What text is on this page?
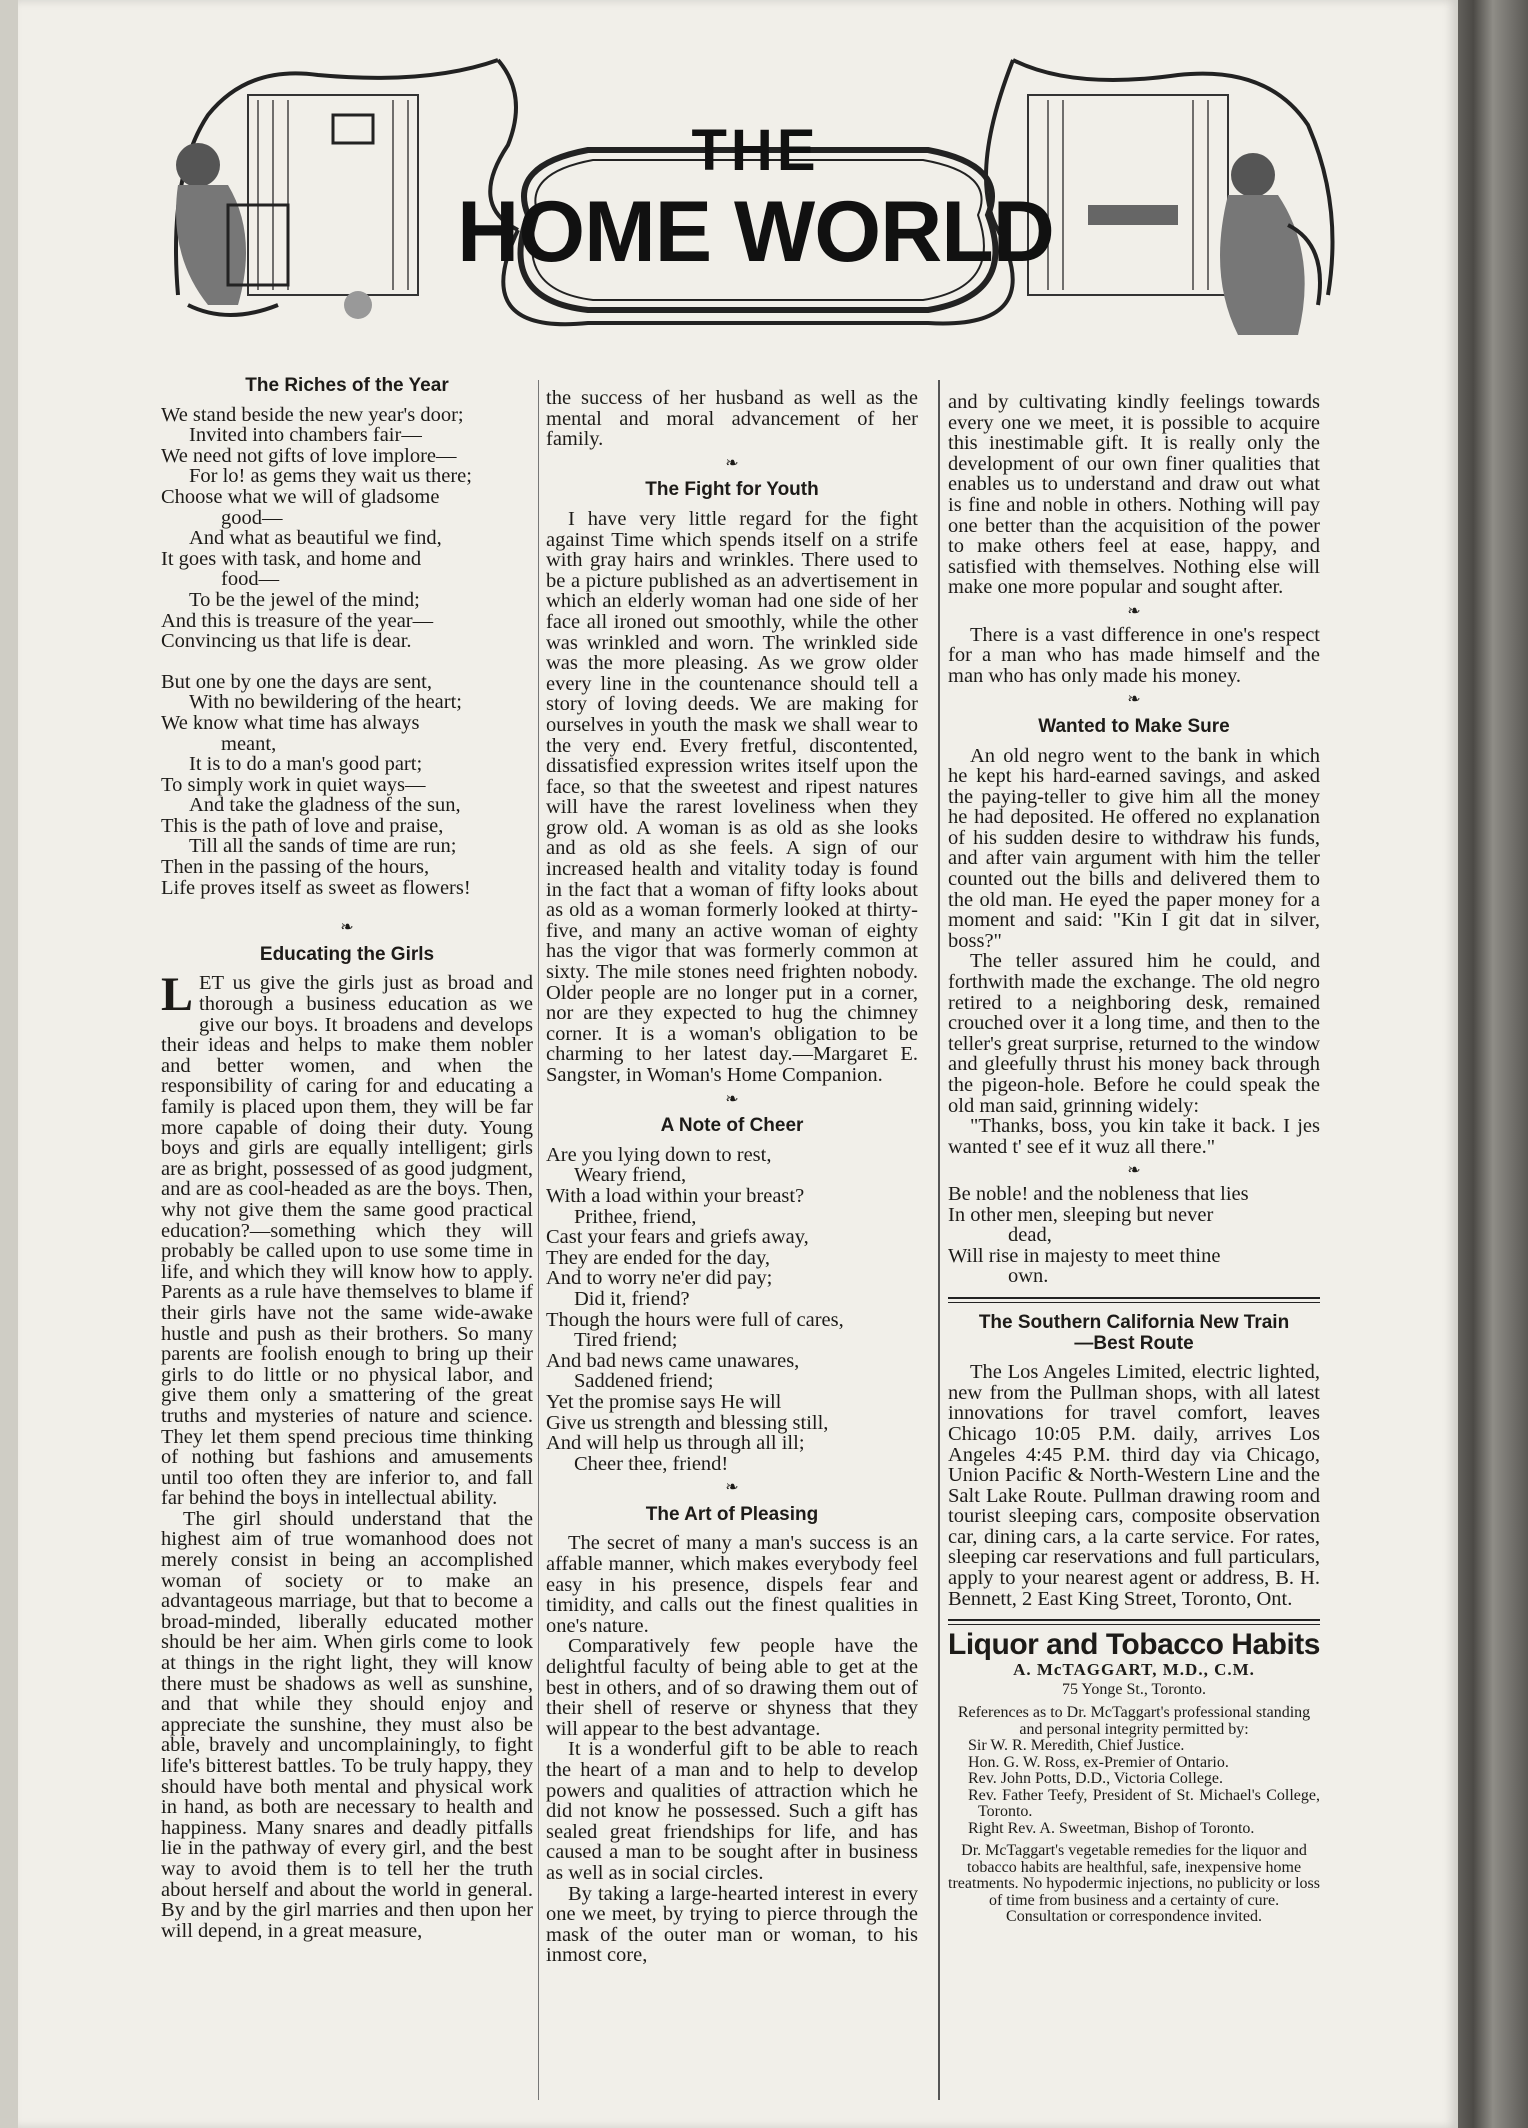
THE
HOME WORLD
The Riches of the Year

We stand beside the new year's door;

Invited into chambers fair—

We need not gifts of love implore—

For lo! as gems they wait us there;

Choose what we will of gladsome

good—

And what as beautiful we find,

It goes with task, and home and

food—

To be the jewel of the mind;

And this is treasure of the year—

Convincing us that life is dear.

But one by one the days are sent,

With no bewildering of the heart;

We know what time has always

meant,

It is to do a man's good part;

To simply work in quiet ways—

And take the gladness of the sun,

This is the path of love and praise,

Till all the sands of time are run;

Then in the passing of the hours,

Life proves itself as sweet as flowers!

❧
Educating the Girls

LET us give the girls just as broad and thorough a business education as we give our boys. It broadens and develops their ideas and helps to make them nobler and better women, and when the responsibility of caring for and educating a family is placed upon them, they will be far more capable of doing their duty. Young boys and girls are equally intelligent; girls are as bright, possessed of as good judgment, and are as cool-headed as are the boys. Then, why not give them the same good practical education?—something which they will probably be called upon to use some time in life, and which they will know how to apply. Parents as a rule have themselves to blame if their girls have not the same wide-awake hustle and push as their brothers. So many parents are foolish enough to bring up their girls to do little or no physical labor, and give them only a smattering of the great truths and mysteries of nature and science. They let them spend precious time thinking of nothing but fashions and amusements until too often they are inferior to, and fall far behind the boys in intellectual ability.

The girl should understand that the highest aim of true womanhood does not merely consist in being an accomplished woman of society or to make an advantageous marriage, but that to become a broad-minded, liberally educated mother should be her aim. When girls come to look at things in the right light, they will know there must be shadows as well as sunshine, and that while they should enjoy and appreciate the sunshine, they must also be able, bravely and uncomplainingly, to fight life's bitterest battles. To be truly happy, they should have both mental and physical work in hand, as both are necessary to health and happiness. Many snares and deadly pitfalls lie in the pathway of every girl, and the best way to avoid them is to tell her the truth about herself and about the world in general. By and by the girl marries and then upon her will depend, in a great measure,

the success of her husband as well as the mental and moral advancement of her family.

❧
The Fight for Youth

I have very little regard for the fight against Time which spends itself on a strife with gray hairs and wrinkles. There used to be a picture published as an advertisement in which an elderly woman had one side of her face all ironed out smoothly, while the other was wrinkled and worn. The wrinkled side was the more pleasing. As we grow older every line in the countenance should tell a story of loving deeds. We are making for ourselves in youth the mask we shall wear to the very end. Every fretful, discontented, dissatisfied expression writes itself upon the face, so that the sweetest and ripest natures will have the rarest loveliness when they grow old. A woman is as old as she looks and as old as she feels. A sign of our increased health and vitality today is found in the fact that a woman of fifty looks about as old as a woman formerly looked at thirty-five, and many an active woman of eighty has the vigor that was formerly common at sixty. The mile stones need frighten nobody. Older people are no longer put in a corner, nor are they expected to hug the chimney corner. It is a woman's obligation to be charming to her latest day.—Margaret E. Sangster, in Woman's Home Companion.

❧
A Note of Cheer

Are you lying down to rest,

Weary friend,

With a load within your breast?

Prithee, friend,

Cast your fears and griefs away,

They are ended for the day,

And to worry ne'er did pay;

Did it, friend?

Though the hours were full of cares,

Tired friend;

And bad news came unawares,

Saddened friend;

Yet the promise says He will

Give us strength and blessing still,

And will help us through all ill;

Cheer thee, friend!

❧
The Art of Pleasing

The secret of many a man's success is an affable manner, which makes everybody feel easy in his presence, dispels fear and timidity, and calls out the finest qualities in one's nature.

Comparatively few people have the delightful faculty of being able to get at the best in others, and of so drawing them out of their shell of reserve or shyness that they will appear to the best advantage.

It is a wonderful gift to be able to reach the heart of a man and to help to develop powers and qualities of attraction which he did not know he possessed. Such a gift has sealed great friendships for life, and has caused a man to be sought after in business as well as in social circles.

By taking a large-hearted interest in every one we meet, by trying to pierce through the mask of the outer man or woman, to his inmost core,

and by cultivating kindly feelings towards every one we meet, it is possible to acquire this inestimable gift. It is really only the development of our own finer qualities that enables us to understand and draw out what is fine and noble in others. Nothing will pay one better than the acquisition of the power to make others feel at ease, happy, and satisfied with themselves. Nothing else will make one more popular and sought after.

❧

There is a vast difference in one's respect for a man who has made himself and the man who has only made his money.

❧
Wanted to Make Sure

An old negro went to the bank in which he kept his hard-earned savings, and asked the paying-teller to give him all the money he had deposited. He offered no explanation of his sudden desire to withdraw his funds, and after vain argument with him the teller counted out the bills and delivered them to the old man. He eyed the paper money for a moment and said: "Kin I git dat in silver, boss?"

The teller assured him he could, and forthwith made the exchange. The old negro retired to a neighboring desk, remained crouched over it a long time, and then to the teller's great surprise, returned to the window and gleefully thrust his money back through the pigeon-hole. Before he could speak the old man said, grinning widely:

"Thanks, boss, you kin take it back. I jes wanted t' see ef it wuz all there."

❧

Be noble! and the nobleness that lies

In other men, sleeping but never

dead,

Will rise in majesty to meet thine

own.

The Southern California New Train
—Best Route

The Los Angeles Limited, electric lighted, new from the Pullman shops, with all latest innovations for travel comfort, leaves Chicago 10:05 P.M. daily, arrives Los Angeles 4:45 P.M. third day via Chicago, Union Pacific & North-Western Line and the Salt Lake Route. Pullman drawing room and tourist sleeping cars, composite observation car, dining cars, a la carte service. For rates, sleeping car reservations and full particulars, apply to your nearest agent or address, B. H. Bennett, 2 East King Street, Toronto, Ont.

Liquor and Tobacco Habits
A. McTAGGART, M.D., C.M.
75 Yonge St., Toronto.
References as to Dr. McTaggart's professional standing and personal integrity permitted by:
Sir W. R. Meredith, Chief Justice.
Hon. G. W. Ross, ex-Premier of Ontario.
Rev. John Potts, D.D., Victoria College.
Rev. Father Teefy, President of St. Michael's College, Toronto.
Right Rev. A. Sweetman, Bishop of Toronto.
Dr. McTaggart's vegetable remedies for the liquor and tobacco habits are healthful, safe, inexpensive home treatments. No hypodermic injections, no publicity or loss of time from business and a certainty of cure. Consultation or correspondence invited.
